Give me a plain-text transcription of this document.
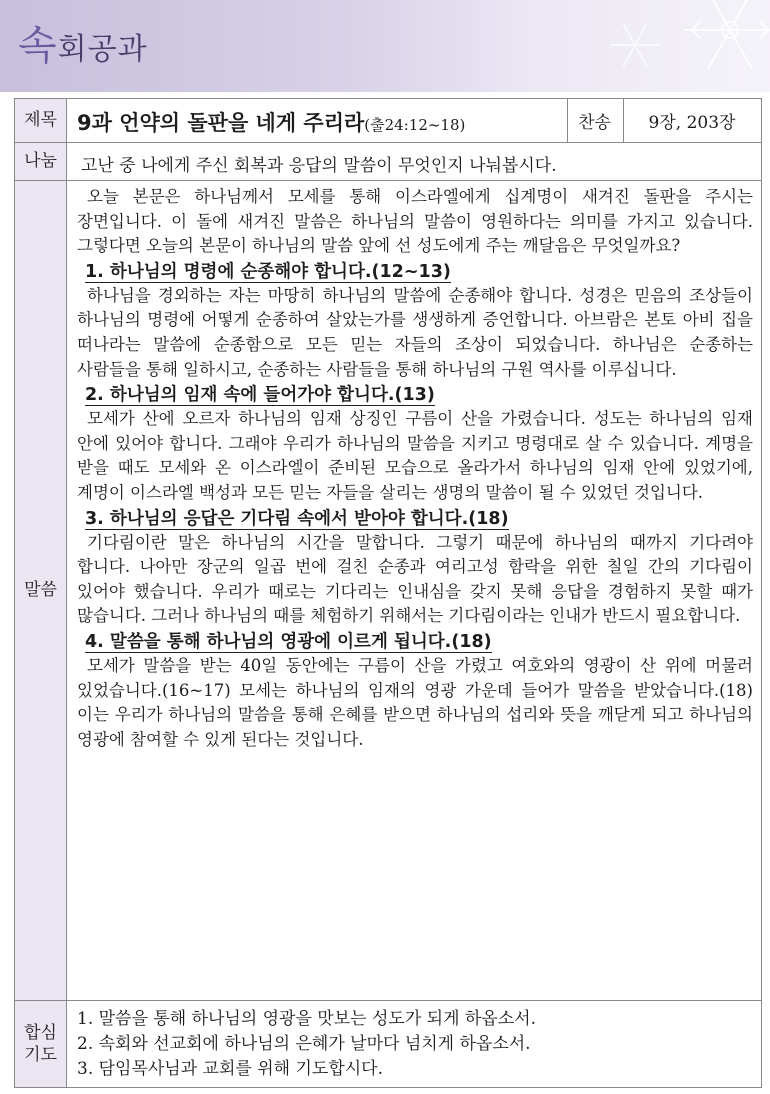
속회공과
제목 9과 언약의 돌판을 네게 주리라(출24:12~18)	찬송	9장, 203장
나눔	고난 중 나에게 주신 회복과 응답의 말씀이 무엇인지 나눠봅시다.
말씀

오늘 본문은 하나님께서 모세를 통해 이스라엘에게 십계명이 새겨진 돌판을 주시는 장면입니다. 이 돌에 새겨진 말씀은 하나님의 말씀이 영원하다는 의미를 가지고 있습니다. 그렇다면 오늘의 본문이 하나님의 말씀 앞에 선 성도에게 주는 깨달음은 무엇일까요?

1. 하나님의 명령에 순종해야 합니다.(12~13)

하나님을 경외하는 자는 마땅히 하나님의 말씀에 순종해야 합니다. 성경은 믿음의 조상들이 하나님의 명령에 어떻게 순종하여 살았는가를 생생하게 증언합니다. 아브람은 본토 아비 집을 떠나라는 말씀에 순종함으로 모든 믿는 자들의 조상이 되었습니다. 하나님은 순종하는 사람들을 통해 일하시고, 순종하는 사람들을 통해 하나님의 구원 역사를 이루십니다.

2. 하나님의 임재 속에 들어가야 합니다.(13)

모세가 산에 오르자 하나님의 임재 상징인 구름이 산을 가렸습니다. 성도는 하나님의 임재 안에 있어야 합니다. 그래야 우리가 하나님의 말씀을 지키고 명령대로 살 수 있습니다. 계명을 받을 때도 모세와 온 이스라엘이 준비된 모습으로 올라가서 하나님의 임재 안에 있었기에, 계명이 이스라엘 백성과 모든 믿는 자들을 살리는 생명의 말씀이 될 수 있었던 것입니다.

3. 하나님의 응답은 기다림 속에서 받아야 합니다.(18)

기다림이란 말은 하나님의 시간을 말합니다. 그렇기 때문에 하나님의 때까지 기다려야 합니다. 나아만 장군의 일곱 번에 걸친 순종과 여리고성 함락을 위한 칠일 간의 기다림이 있어야 했습니다. 우리가 때로는 기다리는 인내심을 갖지 못해 응답을 경험하지 못할 때가 많습니다. 그러나 하나님의 때를 체험하기 위해서는 기다림이라는 인내가 반드시 필요합니다.

4. 말씀을 통해 하나님의 영광에 이르게 됩니다.(18)

모세가 말씀을 받는 40일 동안에는 구름이 산을 가렸고 여호와의 영광이 산 위에 머물러 있었습니다.(16~17) 모세는 하나님의 임재의 영광 가운데 들어가 말씀을 받았습니다.(18) 이는 우리가 하나님의 말씀을 통해 은혜를 받으면 하나님의 섭리와 뜻을 깨닫게 되고 하나님의 영광에 참여할 수 있게 된다는 것입니다.

합심
기도
1. 말씀을 통해 하나님의 영광을 맛보는 성도가 되게 하옵소서.
2. 속회와 선교회에 하나님의 은혜가 날마다 넘치게 하옵소서.
3. 담임목사님과 교회를 위해 기도합시다.
